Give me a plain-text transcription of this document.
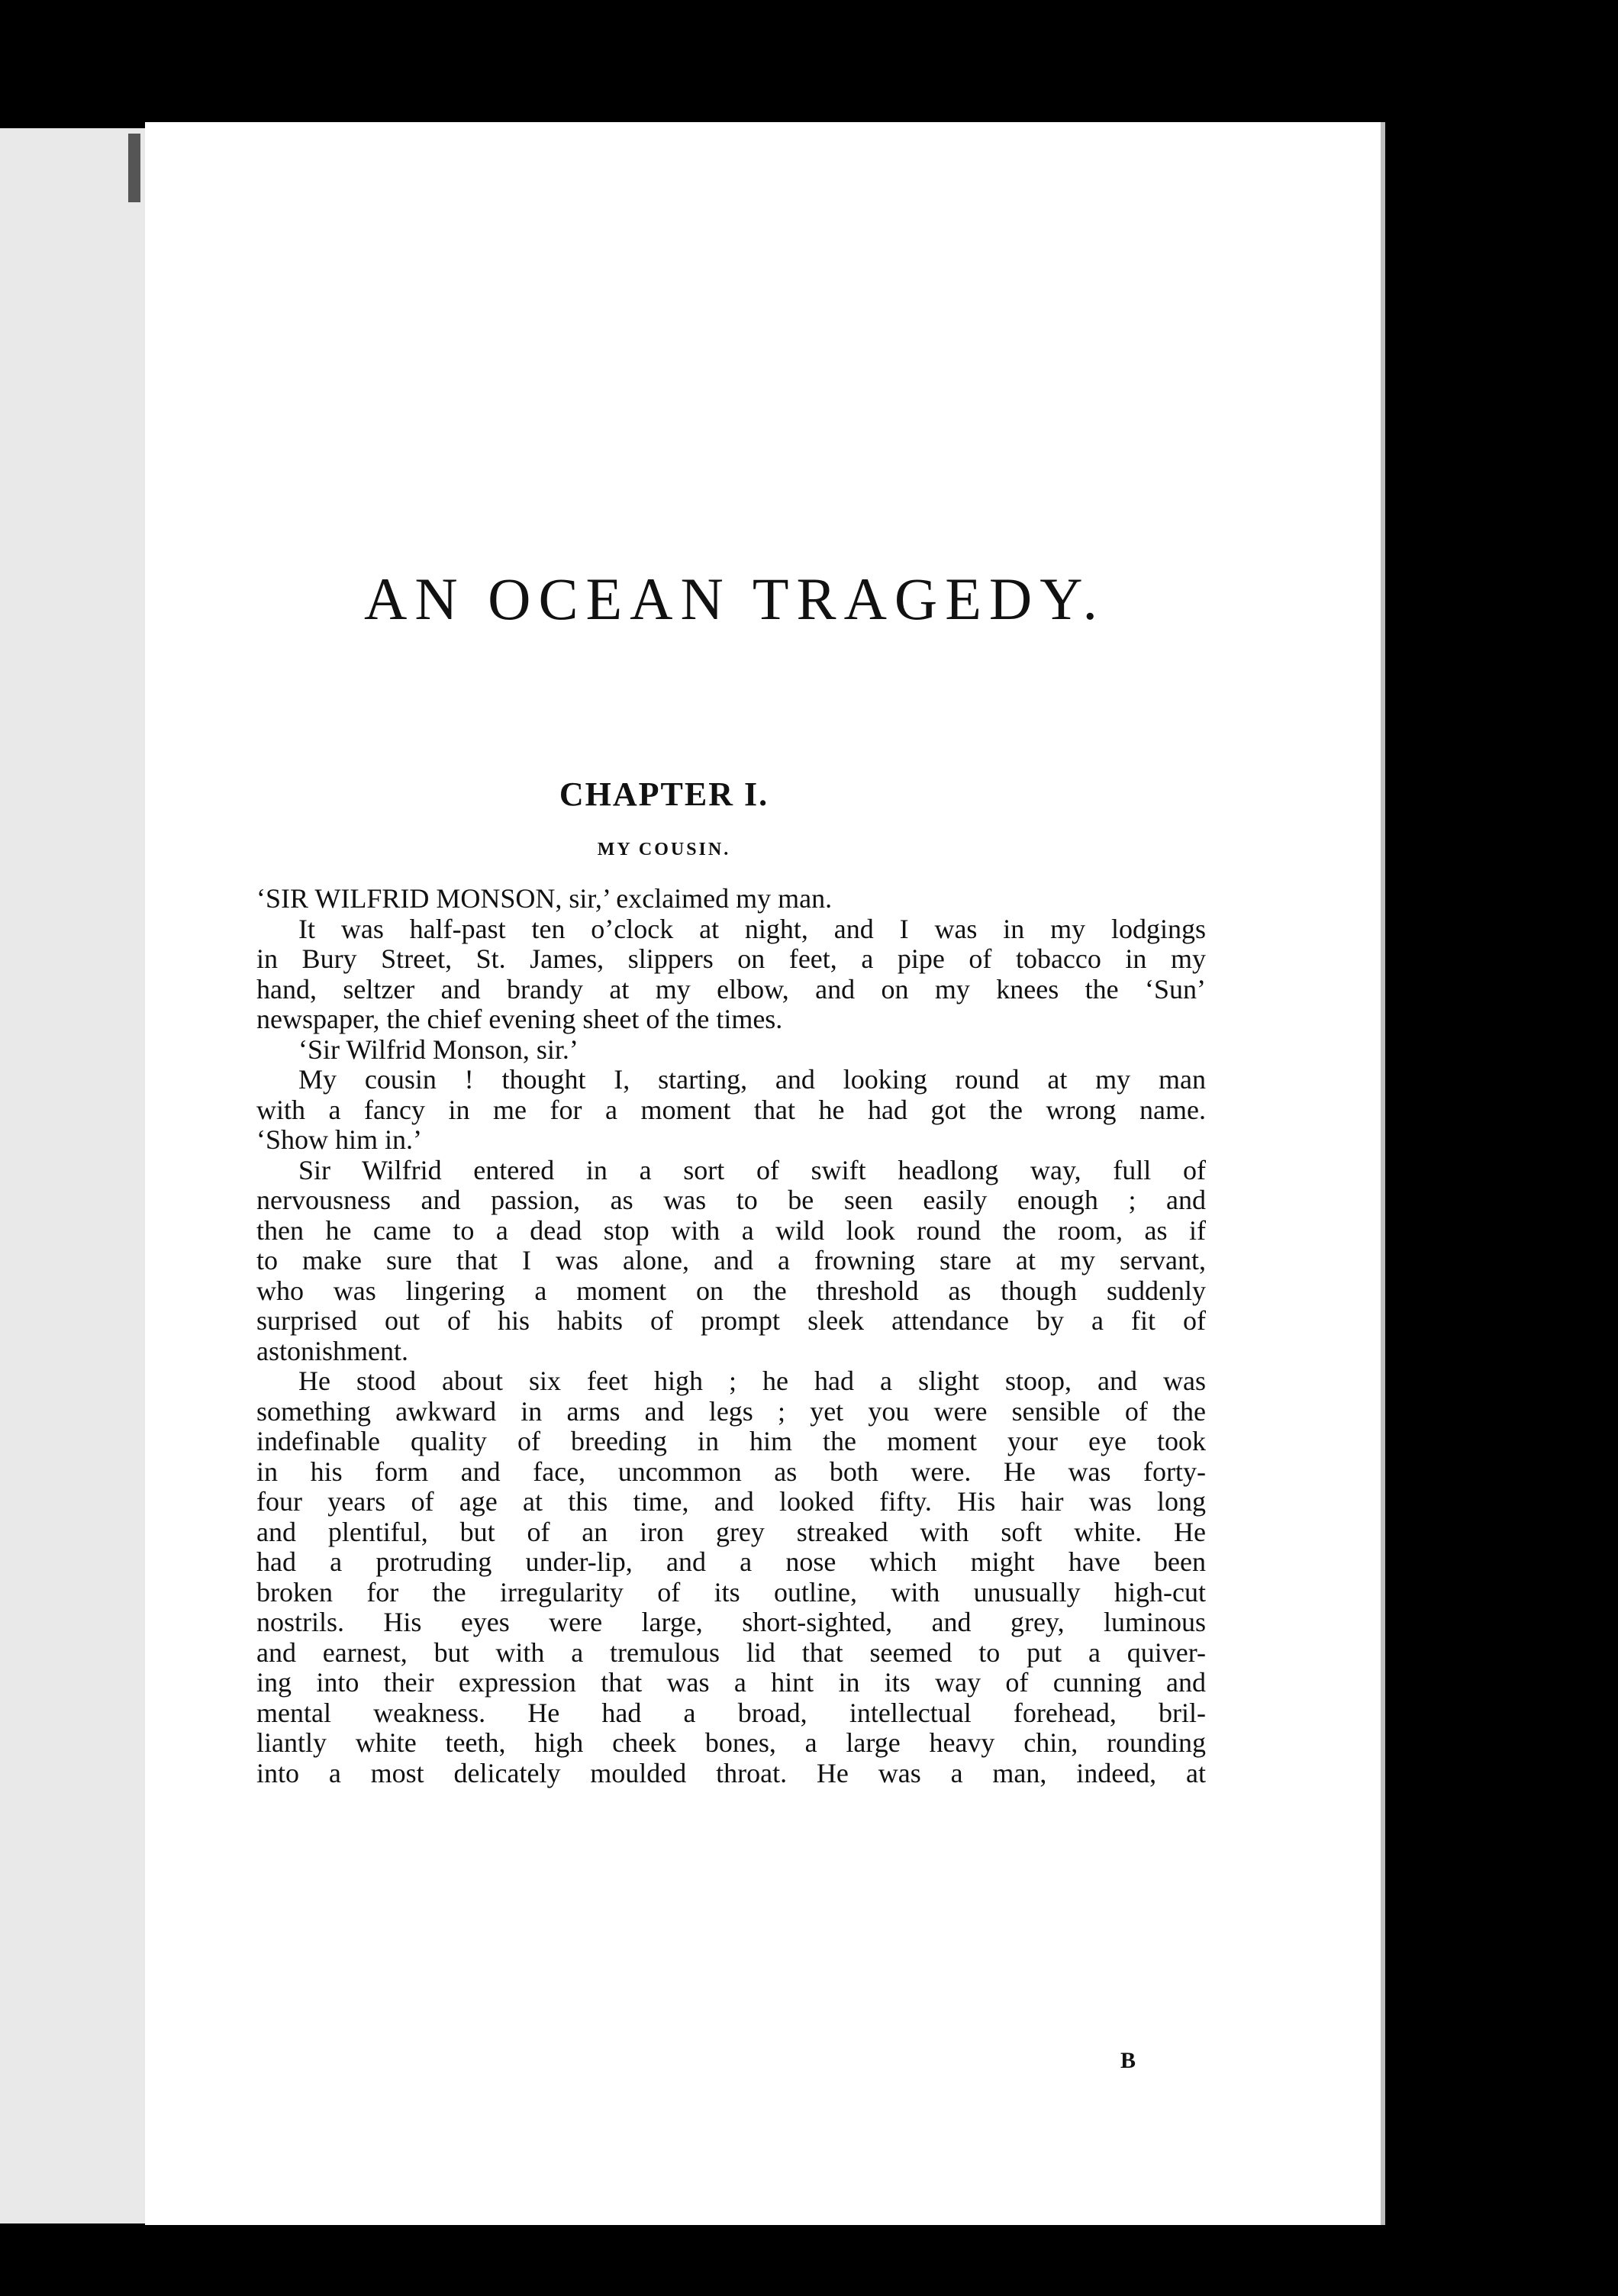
AN OCEAN TRAGEDY.
CHAPTER I.
MY COUSIN.
‘SIR WILFRID MONSON, sir,’ exclaimed my man.
It was half-past ten o’clock at night, and I was in my lodgings
in Bury Street, St. James, slippers on feet, a pipe of tobacco in my
hand, seltzer and brandy at my elbow, and on my knees the ‘Sun’
newspaper, the chief evening sheet of the times.
‘Sir Wilfrid Monson, sir.’
My cousin ! thought I, starting, and looking round at my man
with a fancy in me for a moment that he had got the wrong name.
‘Show him in.’
Sir Wilfrid entered in a sort of swift headlong way, full of
nervousness and passion, as was to be seen easily enough ; and
then he came to a dead stop with a wild look round the room, as if
to make sure that I was alone, and a frowning stare at my servant,
who was lingering a moment on the threshold as though suddenly
surprised out of his habits of prompt sleek attendance by a fit of
astonishment.
He stood about six feet high ; he had a slight stoop, and was
something awkward in arms and legs ; yet you were sensible of the
indefinable quality of breeding in him the moment your eye took
in his form and face, uncommon as both were. He was forty-
four years of age at this time, and looked fifty. His hair was long
and plentiful, but of an iron grey streaked with soft white. He
had a protruding under-lip, and a nose which might have been
broken for the irregularity of its outline, with unusually high-cut
nostrils. His eyes were large, short-sighted, and grey, luminous
and earnest, but with a tremulous lid that seemed to put a quiver-
ing into their expression that was a hint in its way of cunning and
mental weakness. He had a broad, intellectual forehead, bril-
liantly white teeth, high cheek bones, a large heavy chin, rounding
into a most delicately moulded throat. He was a man, indeed, at
B
